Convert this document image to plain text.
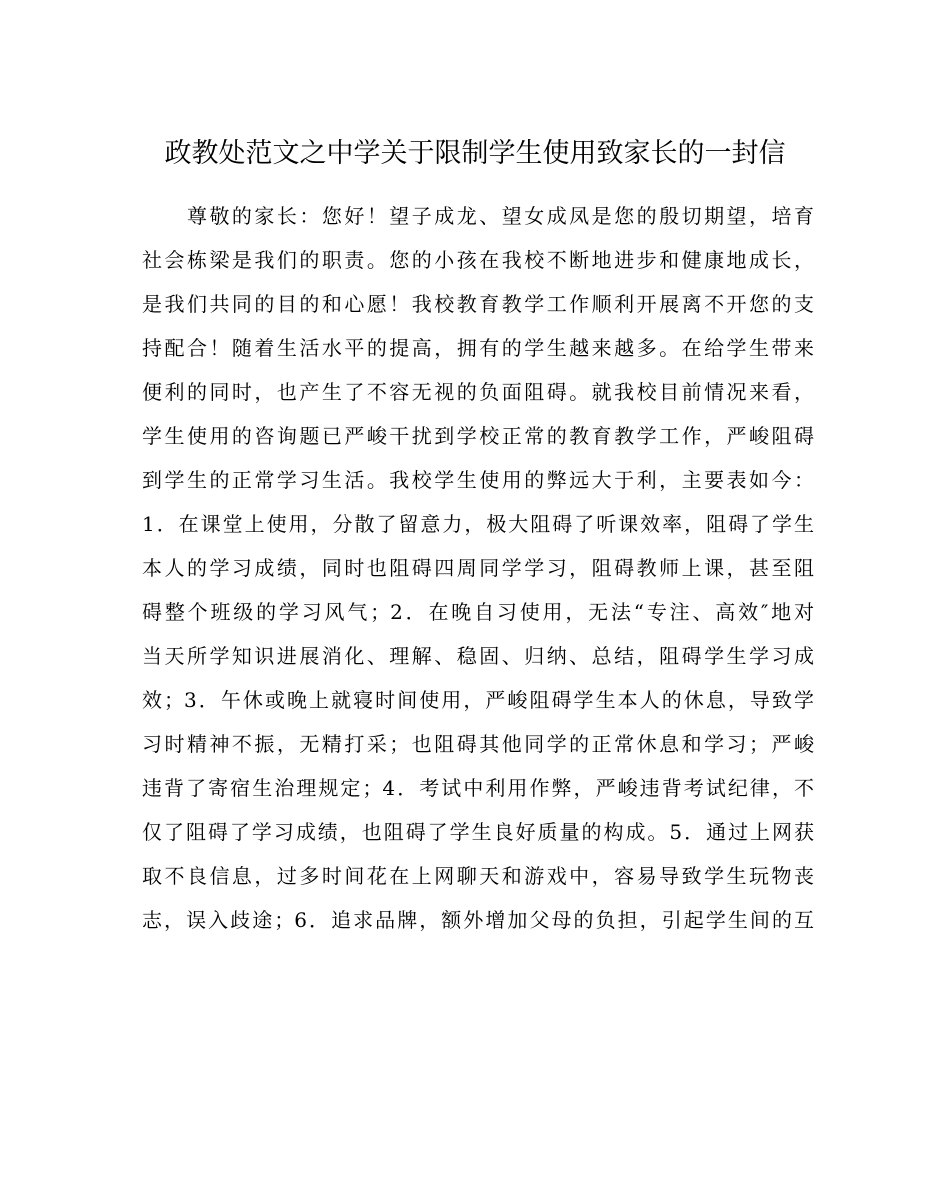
政教处范文之中学关于限制学生使用致家长的一封信
　　尊敬的家长：您好！望子成龙、望女成凤是您的殷切期望，培育
社会栋梁是我们的职责。您的小孩在我校不断地进步和健康地成长，
是我们共同的目的和心愿！我校教育教学工作顺利开展离不开您的支
持配合！随着生活水平的提高，拥有的学生越来越多。在给学生带来
便利的同时，也产生了不容无视的负面阻碍。就我校目前情况来看，
学生使用的咨询题已严峻干扰到学校正常的教育教学工作，严峻阻碍
到学生的正常学习生活。我校学生使用的弊远大于利，主要表如今：
1．在课堂上使用，分散了留意力，极大阻碍了听课效率，阻碍了学生
本人的学习成绩，同时也阻碍四周同学学习，阻碍教师上课，甚至阻
碍整个班级的学习风气；2．在晚自习使用，无法“专注、高效″地对
当天所学知识进展消化、理解、稳固、归纳、总结，阻碍学生学习成
效；3．午休或晚上就寝时间使用，严峻阻碍学生本人的休息，导致学
习时精神不振，无精打采；也阻碍其他同学的正常休息和学习；严峻
违背了寄宿生治理规定；4．考试中利用作弊，严峻违背考试纪律，不
仅了阻碍了学习成绩，也阻碍了学生良好质量的构成。5．通过上网获
取不良信息，过多时间花在上网聊天和游戏中，容易导致学生玩物丧
志，误入歧途；6．追求品牌，额外增加父母的负担，引起学生间的互
